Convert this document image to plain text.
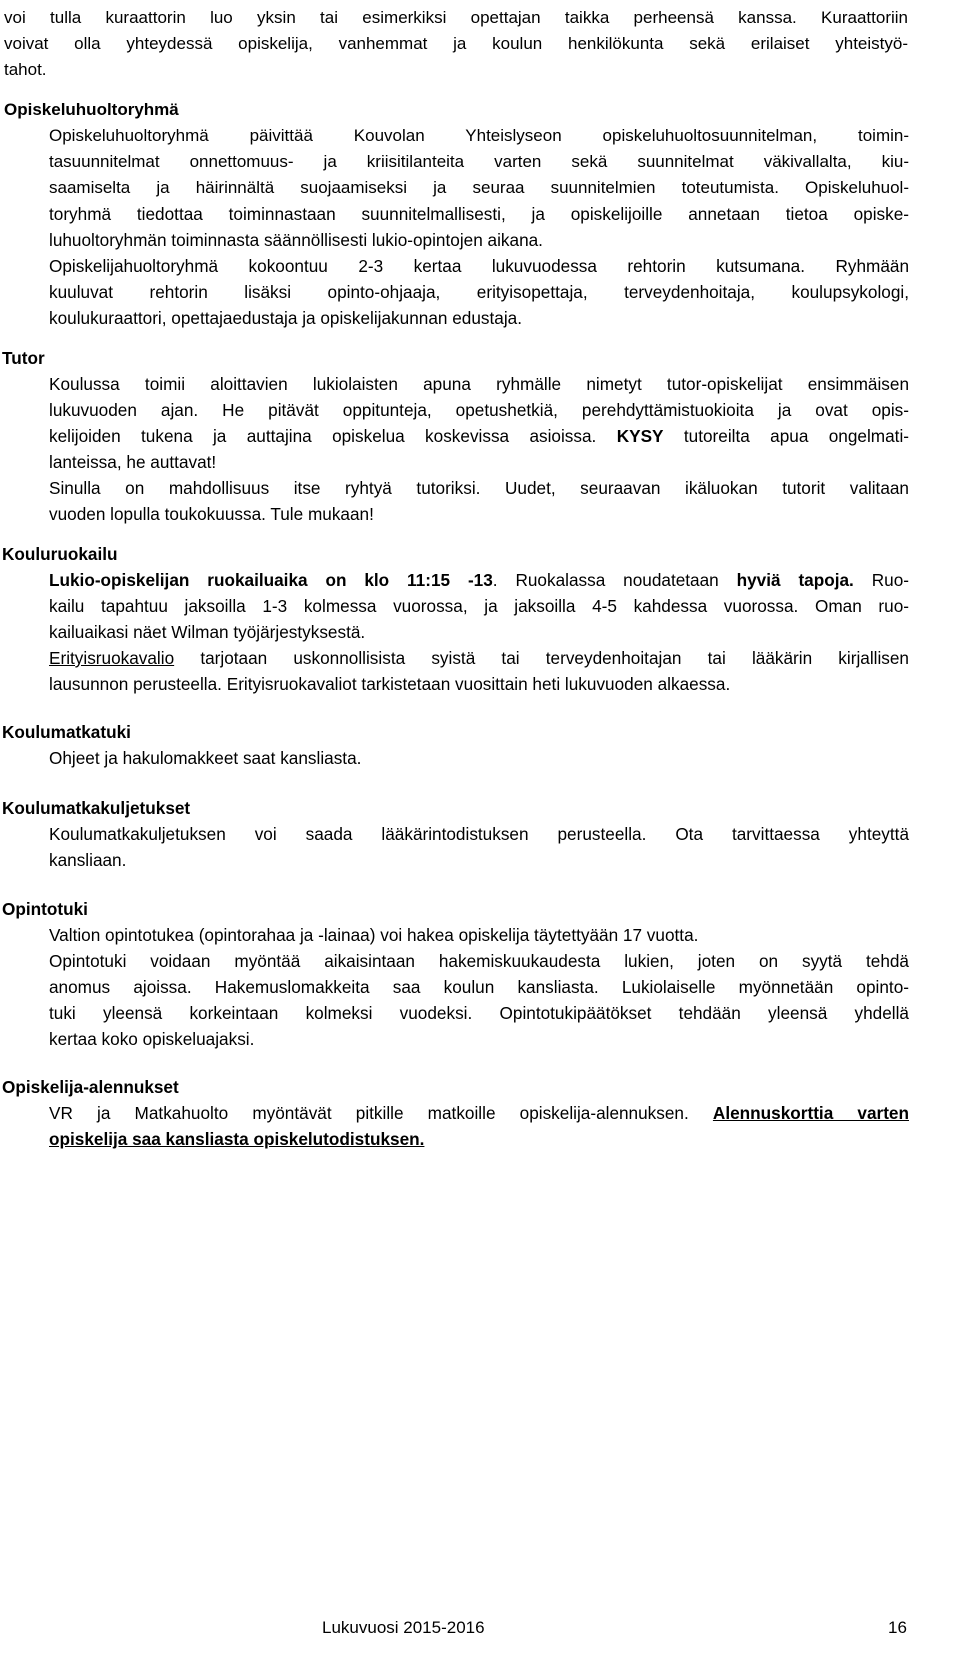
voi tulla kuraattorin luo yksin tai esimerkiksi opettajan taikka perheensä kanssa. Kuraattoriin
voivat olla yhteydessä opiskelija, vanhemmat ja koulun henkilökunta sekä erilaiset yhteistyö-
tahot.
Opiskeluhuoltoryhmä
Opiskeluhuoltoryhmä päivittää Kouvolan Yhteislyseon opiskeluhuoltosuunnitelman, toimin-
tasuunnitelmat onnettomuus- ja kriisitilanteita varten sekä suunnitelmat väkivallalta, kiu-
saamiselta ja häirinnältä suojaamiseksi ja seuraa suunnitelmien toteutumista. Opiskeluhuol-
toryhmä tiedottaa toiminnastaan suunnitelmallisesti, ja opiskelijoille annetaan tietoa opiske-
luhuoltoryhmän toiminnasta säännöllisesti lukio-opintojen aikana.
Opiskelijahuoltoryhmä kokoontuu 2-3 kertaa lukuvuodessa rehtorin kutsumana. Ryhmään
kuuluvat rehtorin lisäksi opinto-ohjaaja, erityisopettaja, terveydenhoitaja, koulupsykologi,
koulukuraattori, opettajaedustaja ja opiskelijakunnan edustaja.
Tutor
Koulussa toimii aloittavien lukiolaisten apuna ryhmälle nimetyt tutor-opiskelijat ensimmäisen
lukuvuoden ajan. He pitävät oppitunteja, opetushetkiä, perehdyttämistuokioita ja ovat opis-
kelijoiden tukena ja auttajina opiskelua koskevissa asioissa. KYSY tutoreilta apua ongelmati-
lanteissa, he auttavat!
Sinulla on mahdollisuus itse ryhtyä tutoriksi. Uudet, seuraavan ikäluokan tutorit valitaan
vuoden lopulla toukokuussa. Tule mukaan!
Kouluruokailu
Lukio-opiskelijan ruokailuaika on klo 11:15 -13. Ruokalassa noudatetaan hyviä tapoja. Ruo-
kailu tapahtuu jaksoilla 1-3 kolmessa vuorossa, ja jaksoilla 4-5 kahdessa vuorossa. Oman ruo-
kailuaikasi näet Wilman työjärjestyksestä.
Erityisruokavalio tarjotaan uskonnollisista syistä tai terveydenhoitajan tai lääkärin kirjallisen
lausunnon perusteella. Erityisruokavaliot tarkistetaan vuosittain heti lukuvuoden alkaessa.
Koulumatkatuki
Ohjeet ja hakulomakkeet saat kansliasta.
Koulumatkakuljetukset
Koulumatkakuljetuksen voi saada lääkärintodistuksen perusteella. Ota tarvittaessa yhteyttä
kansliaan.
Opintotuki
Valtion opintotukea (opintorahaa ja -lainaa) voi hakea opiskelija täytettyään 17 vuotta.
Opintotuki voidaan myöntää aikaisintaan hakemiskuukaudesta lukien, joten on syytä tehdä
anomus ajoissa. Hakemuslomakkeita saa koulun kansliasta. Lukiolaiselle myönnetään opinto-
tuki yleensä korkeintaan kolmeksi vuodeksi. Opintotukipäätökset tehdään yleensä yhdellä
kertaa koko opiskeluajaksi.
Opiskelija-alennukset
VR ja Matkahuolto myöntävät pitkille matkoille opiskelija-alennuksen. Alennuskorttia varten
opiskelija saa kansliasta opiskelutodistuksen.
Lukuvuosi 2015-2016	16
